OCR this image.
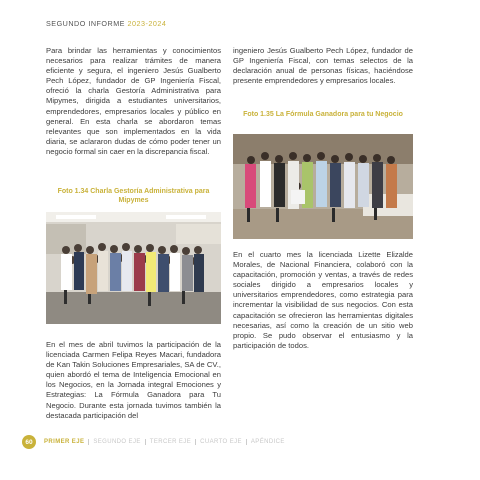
SEGUNDO INFORME 2023-2024

Para brindar las herramientas y conocimientos necesarios para realizar trámites de manera eficiente y segura, el ingeniero Jesús Gualberto Pech López, fundador de GP Ingeniería Fiscal, ofreció la charla Gestoría Administrativa para Mipymes, dirigida a estudiantes universitarios, emprendedores, empresarios locales y público en general. En esta charla se abordaron temas relevantes que son implementados en la vida diaria, se aclararon dudas de cómo poder tener un negocio formal sin caer en la discrepancia fiscal.

Foto 1.34 Charla Gestoría Administrativa para Mipymes

En el mes de abril tuvimos la participación de la licenciada Carmen Felipa Reyes Macari, fundadora de Kan Takin Soluciones Empresariales, SA de CV., quien abordó el tema de Inteligencia Emocional en los Negocios, en la Jornada integral Emociones y Estrategias: La Fórmula Ganadora para Tu Negocio. Durante esta jornada tuvimos también la destacada participación del

ingeniero Jesús Gualberto Pech López, fundador de GP Ingeniería Fiscal, con temas selectos de la declaración anual de personas físicas, haciéndose presente emprendedores y empresarios locales.

Foto 1.35 La Fórmula Ganadora para tu Negocio

En el cuarto mes la licenciada Lizette Elizalde Morales, de Nacional Financiera, colaboró con la capacitación, promoción y ventas, a través de redes sociales dirigido a empresarios locales y universitarios emprendedores, como estrategia para incrementar la visibilidad de sus negocios. Con esta capacitación se ofrecieron las herramientas digitales necesarias, así como la creación de un sitio web propio. Se pudo observar el entusiasmo y la participación de todos.

60	PRIMER EJE	SEGUNDO EJE	TERCER EJE	CUARTO EJE	APÉNDICE
